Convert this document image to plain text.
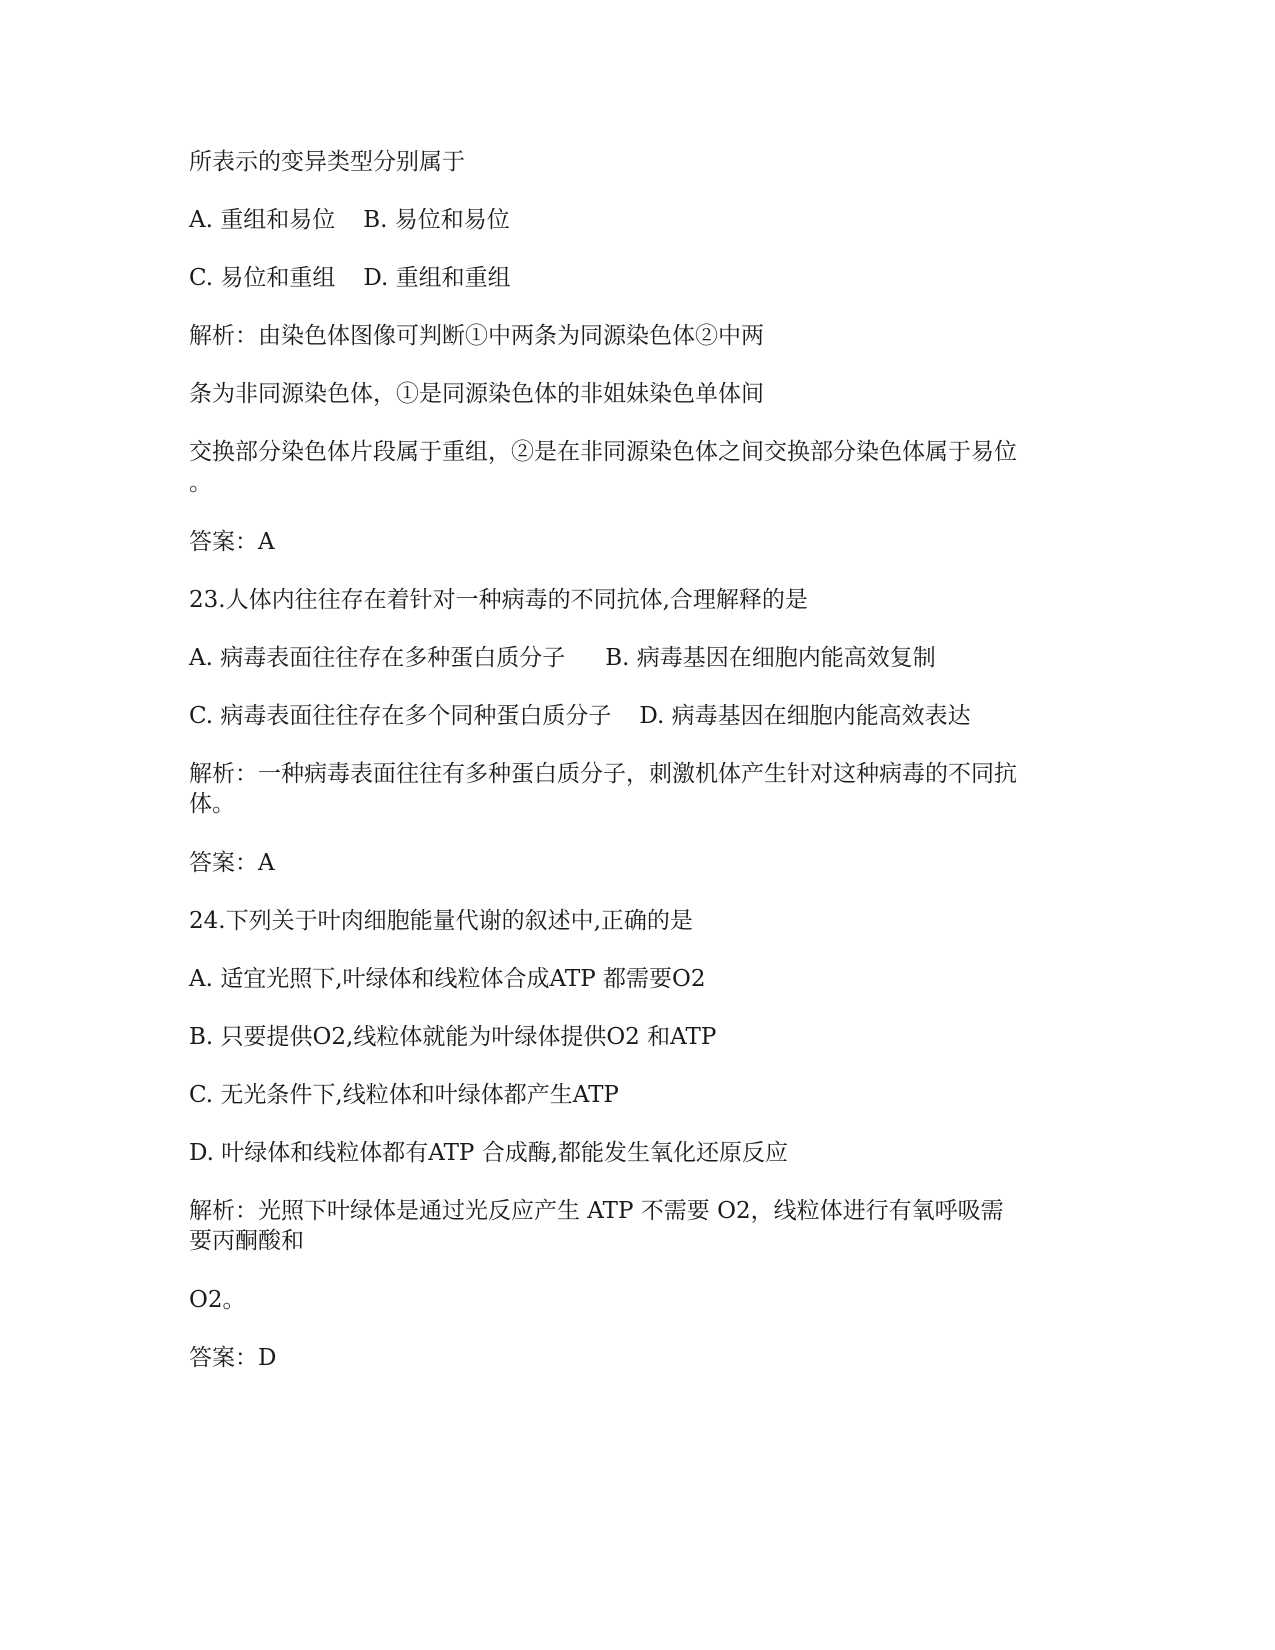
所表示的变异类型分别属于
A. 重组和易位 B. 易位和易位
C. 易位和重组 D. 重组和重组
解析：由染色体图像可判断①中两条为同源染色体②中两
条为非同源染色体，①是同源染色体的非姐妹染色单体间
交换部分染色体片段属于重组，②是在非同源染色体之间交换部分染色体属于易位
。
答案：A
23.人体内往往存在着针对一种病毒的不同抗体,合理解释的是
A. 病毒表面往往存在多种蛋白质分子 B. 病毒基因在细胞内能高效复制
C. 病毒表面往往存在多个同种蛋白质分子 D. 病毒基因在细胞内能高效表达
解析：一种病毒表面往往有多种蛋白质分子，刺激机体产生针对这种病毒的不同抗
体。
答案：A
24.下列关于叶肉细胞能量代谢的叙述中,正确的是
A. 适宜光照下,叶绿体和线粒体合成ATP 都需要O2
B. 只要提供O2,线粒体就能为叶绿体提供O2 和ATP
C. 无光条件下,线粒体和叶绿体都产生ATP
D. 叶绿体和线粒体都有ATP 合成酶,都能发生氧化还原反应
解析：光照下叶绿体是通过光反应产生 ATP 不需要 O2，线粒体进行有氧呼吸需
要丙酮酸和
O2。
答案：D
